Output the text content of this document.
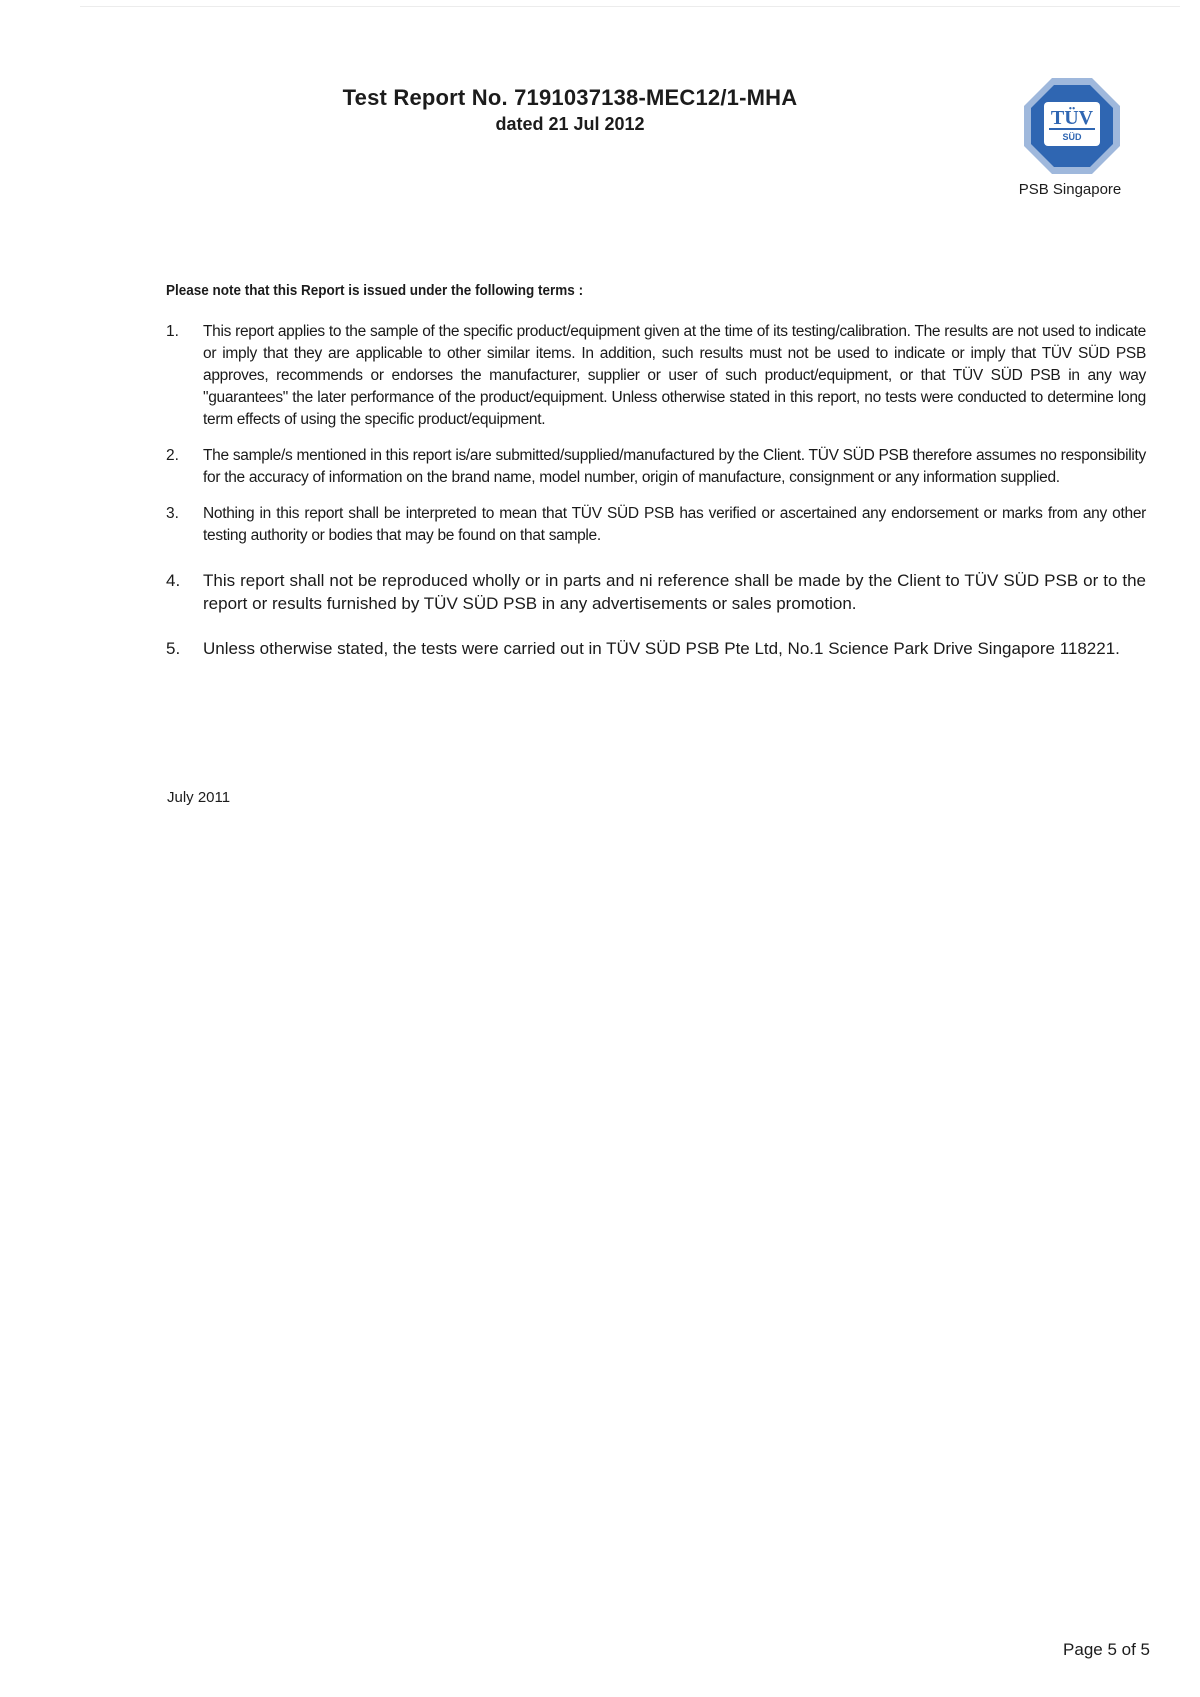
Test Report No. 7191037138-MEC12/1-MHA
dated 21 Jul 2012	TÜV
SÜD
PSB Singapore
Please note that this Report is issued under the following terms :
1.	This report applies to the sample of the specific product/equipment given at the time of its testing/calibration. The results are not used to indicate or imply that they are applicable to other similar items. In addition, such results must not be used to indicate or imply that TÜV SÜD PSB approves, recommends or endorses the manufacturer, supplier or user of such product/equipment, or that TÜV SÜD PSB in any way "guarantees" the later performance of the product/equipment. Unless otherwise stated in this report, no tests were conducted to determine long term effects of using the specific product/equipment.
2.	The sample/s mentioned in this report is/are submitted/supplied/manufactured by the Client. TÜV SÜD PSB therefore assumes no responsibility for the accuracy of information on the brand name, model number, origin of manufacture, consignment or any information supplied.
3.	Nothing in this report shall be interpreted to mean that TÜV SÜD PSB has verified or ascertained any endorsement or marks from any other testing authority or bodies that may be found on that sample.
4.	This report shall not be reproduced wholly or in parts and ni reference shall be made by the Client to TÜV SÜD PSB or to the report or results furnished by TÜV SÜD PSB in any advertisements or sales promotion.
5.	Unless otherwise stated, the tests were carried out in TÜV SÜD PSB Pte Ltd, No.1 Science Park Drive Singapore 118221.
July 2011
Page 5 of 5
